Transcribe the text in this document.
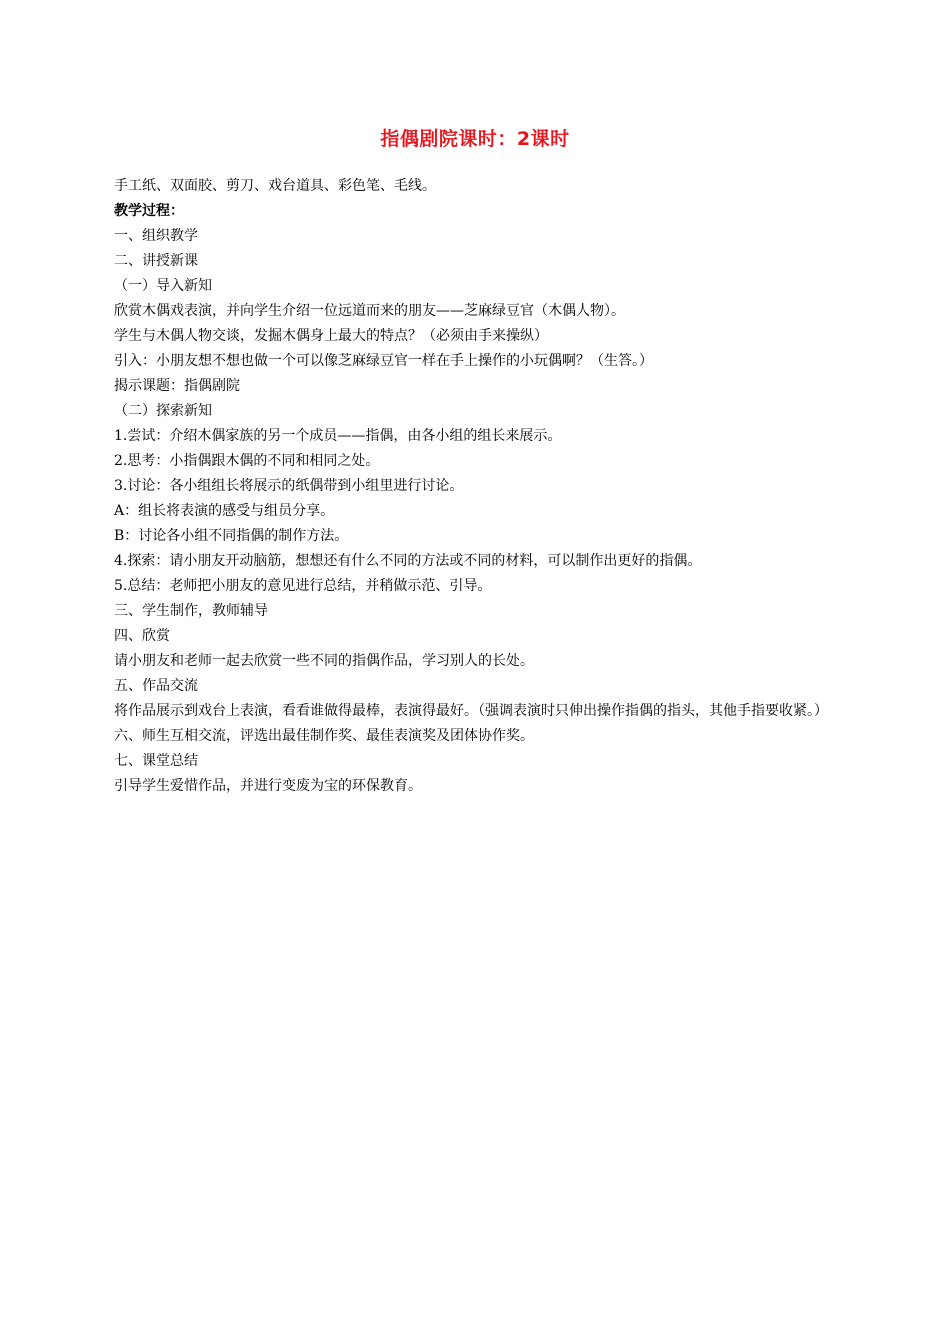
指偶剧院课时：2课时

手工纸、双面胶、剪刀、戏台道具、彩色笔、毛线。

教学过程：

一、组织教学

二、讲授新课

（一）导入新知

欣赏木偶戏表演，并向学生介绍一位远道而来的朋友——芝麻绿豆官（木偶人物）。

学生与木偶人物交谈，发掘木偶身上最大的特点？（必须由手来操纵）

引入：小朋友想不想也做一个可以像芝麻绿豆官一样在手上操作的小玩偶啊？（生答。）

揭示课题：指偶剧院

（二）探索新知

1.尝试：介绍木偶家族的另一个成员——指偶，由各小组的组长来展示。

2.思考：小指偶跟木偶的不同和相同之处。

3.讨论：各小组组长将展示的纸偶带到小组里进行讨论。

A：组长将表演的感受与组员分享。

B：讨论各小组不同指偶的制作方法。

4.探索：请小朋友开动脑筋，想想还有什么不同的方法或不同的材料，可以制作出更好的指偶。

5.总结：老师把小朋友的意见进行总结，并稍做示范、引导。

三、学生制作，教师辅导

四、欣赏

请小朋友和老师一起去欣赏一些不同的指偶作品，学习别人的长处。

五、作品交流

将作品展示到戏台上表演，看看谁做得最棒，表演得最好。（强调表演时只伸出操作指偶的指头，其他手指要收紧。）

六、师生互相交流，评选出最佳制作奖、最佳表演奖及团体协作奖。

七、课堂总结

引导学生爱惜作品，并进行变废为宝的环保教育。
